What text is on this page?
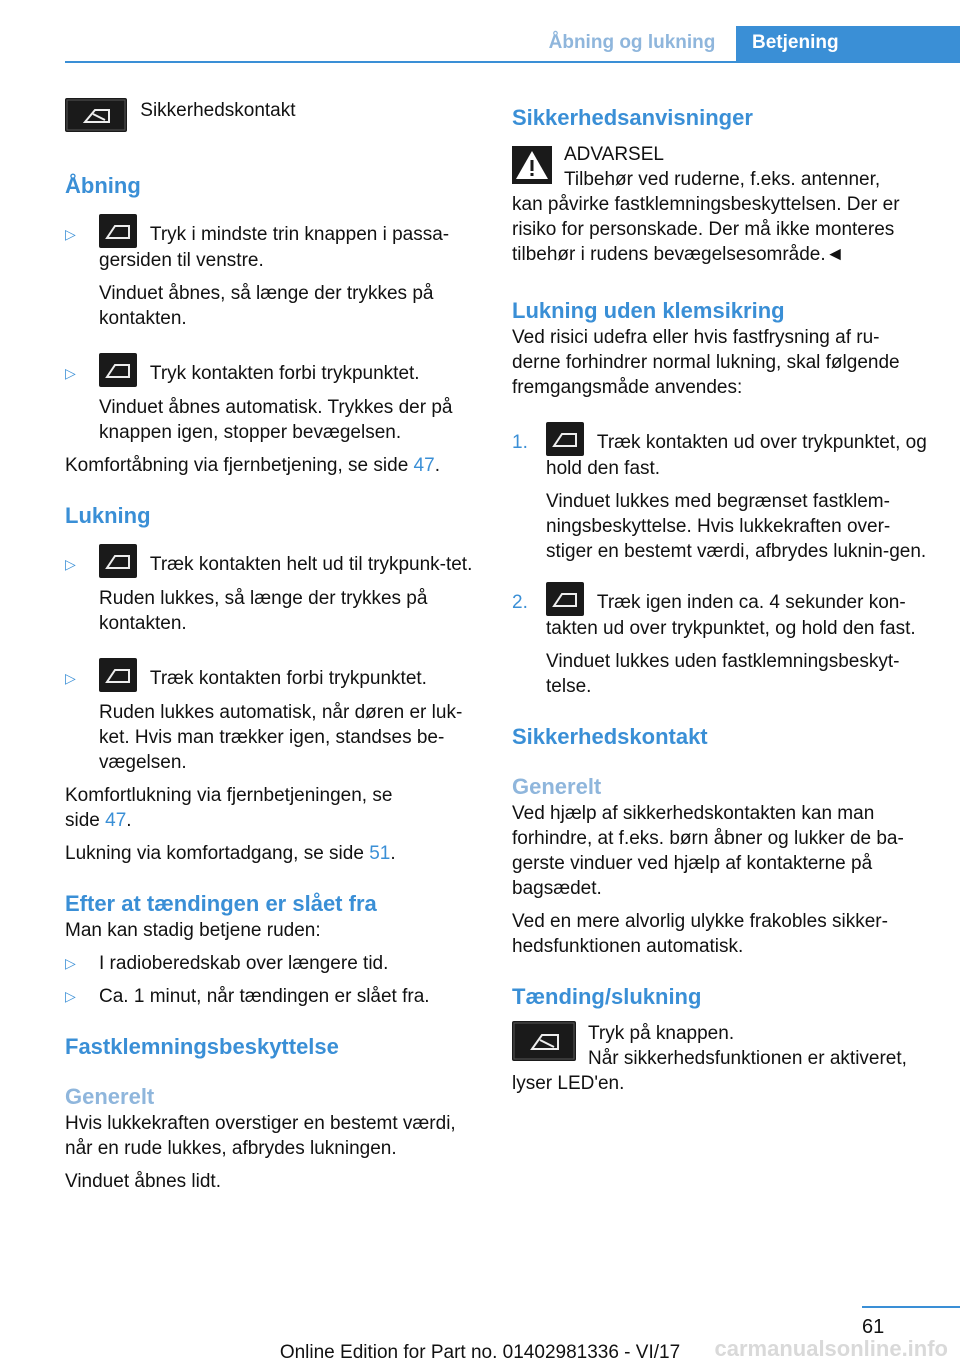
Åbning og lukning	Betjening
Sikkerhedskontakt
Åbning
▷	Tryk i mindste trin knappen i passa-gersiden til venstre.

Vinduet åbnes, så længe der trykkes på kontakten.

▷	Tryk kontakten forbi trykpunktet.

Vinduet åbnes automatisk. Trykkes der på knappen igen, stopper bevægelsen.

Komfortåbning via fjernbetjening, se side 47.

Lukning
▷	Træk kontakten helt ud til trykpunk-tet.

Ruden lukkes, så længe der trykkes på kontakten.

▷	Træk kontakten forbi trykpunktet.

Ruden lukkes automatisk, når døren er luk-ket. Hvis man trækker igen, standses be-vægelsen.

Komfortlukning via fjernbetjeningen, se

side 47.

Lukning via komfortadgang, se side 51.

Efter at tændingen er slået fra

Man kan stadig betjene ruden:

▷ I radioberedskab over længere tid.

▷ Ca. 1 minut, når tændingen er slået fra.

Fastklemningsbeskyttelse
Generelt

Hvis lukkekraften overstiger en bestemt værdi, når en rude lukkes, afbrydes lukningen.

Vinduet åbnes lidt.

Sikkerhedsanvisninger

ADVARSEL

Tilbehør ved ruderne, f.eks. antenner,

kan påvirke fastklemningsbeskyttelsen. Der er risiko for personskade. Der må ikke monteres tilbehør i rudens bevægelsesområde.◄

Lukning uden klemsikring

Ved risici udefra eller hvis fastfrysning af ru-derne forhindrer normal lukning, skal følgende fremgangsmåde anvendes:

1.	Træk kontakten ud over trykpunktet, og hold den fast.

Vinduet lukkes med begrænset fastklem-ningsbeskyttelse. Hvis lukkekraften over-stiger en bestemt værdi, afbrydes luknin-gen.

2.	Træk igen inden ca. 4 sekunder kon-takten ud over trykpunktet, og hold den fast.

Vinduet lukkes uden fastklemningsbeskyt-telse.

Sikkerhedskontakt
Generelt

Ved hjælp af sikkerhedskontakten kan man forhindre, at f.eks. børn åbner og lukker de ba-gerste vinduer ved hjælp af kontakterne på bagsædet.

Ved en mere alvorlig ulykke frakobles sikker-hedsfunktionen automatisk.

Tænding/slukning

Tryk på knappen.

Når sikkerhedsfunktionen er aktiveret,

lyser LED'en.

61
Online Edition for Part no. 01402981336 - VI/17	carmanualsonline.info
